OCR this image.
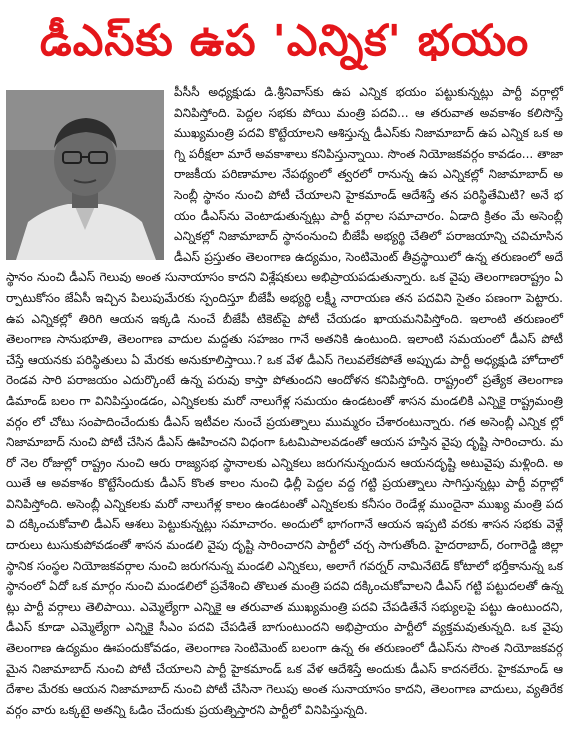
డీఎస్‌కు ఉప 'ఎన్నిక' భయం

పీసీసీ అధ్యక్షుడు డి.శ్రీనివాస్‌కు ఉప ఎన్నిక భయం పట్టుకున్నట్లు పార్టీ వర్గాల్లో వినిపిస్తోంది. పెద్దల సభకు పోయి మంత్రి పదవి... ఆ తరువాత అవకాశం కలిసొస్తే ముఖ్యమంత్రి పదవి కొట్టేయాలని ఆశిస్తున్న డీఎస్‌కు నిజామాబాద్ ఉప ఎన్నిక ఒక అగ్ని పరీక్షలా మారే అవకాశాలు కనిపిస్తున్నాయి. సొంత నియోజకవర్గం కావడం... తాజా రాజకీయ పరిణామాల నేపథ్యంలో త్వరలో రానున్న ఉప ఎన్నికల్లో నిజామాబాద్ అసెంబ్లీ స్థానం నుంచి పోటీ చేయాలని హైకమాండ్ ఆదేశిస్తే తన పరిస్థితేమిటి? అనే భయం డీఎస్‌ను వెంటాడుతున్నట్లు పార్టీ వర్గాల సమాచారం. ఏడాది క్రితం మే అసెంబ్లీ ఎన్నికల్లో నిజామాబాద్ స్థానంనుంచి బీజేపీ అభ్యర్థి చేతిలో పరాజయాన్ని చవిచూసిన డీఎస్ ప్రస్తుతం తెలంగాణ ఉద్యమం, సెంటిమెంట్ తీవ్రస్థాయిలో ఉన్న తరుణంలో అదే స్థానం నుంచి డీఎస్ గెలువు అంత సునాయాసం కాదని విశ్లేషకులు అభిప్రాయపడుతున్నారు. ఒక వైపు తెలంగాణరాష్ట్రం ఏర్పాటుకోసం జేఏసీ ఇచ్చిన పిలుపుమేరకు స్పందిస్తూ బీజేపీ అభ్యర్థి లక్ష్మీ నారాయణ తన పదవిని సైతం పణంగా పెట్టారు. ఉప ఎన్నికల్లో తిరిగి ఆయన ఇక్కడి నుంచే బీజేపీ టికెట్‌పై పోటీ చేయడం ఖాయమనిపిస్తోంది. ఇలాంటి తరుణంలో తెలంగాణ సానుభూతి, తెలంగాణ వాదుల మద్దతు సహజం గానే అతనికి ఉంటుంది. ఇలాంటి సమయంలో డీఎస్ పోటీ చేస్తే ఆయనకు పరిస్థితులు ఏ మేరకు అనుకూలిస్తాయి.? ఒక వేళ డీఎస్ గెలువలేకపోతే అప్పుడు పార్టీ అధ్యక్షుడి హోదాలో రెండవ సారి పరాజయం ఎదుర్కొంటే ఉన్న పరువు కాస్తా పోతుందని ఆందోళన కనిపిస్తోంది. రాష్ట్రంలో ప్రత్యేక తెలంగాణ డిమాండ్ బలం గా వినిపిస్తుండడం, ఎన్నికలకు మరో నాలుగేళ్ల సమయం ఉండటంతో శాసన మండలికి ఎన్నికై రాష్ట్రమంత్రి వర్గం లో చోటు సంపాదించేందుకు డీఎస్ ఇటీవల నుంచే ప్రయత్నాలు ముమ్మరం చేశారంటున్నారు. గత అసెంబ్లీ ఎన్నిక ల్లో నిజామాబాద్ నుంచి పోటీ చేసిన డీఎస్ ఊహించని విధంగా ఓటమిపాలవడంతో ఆయన హస్తిన వైపు దృష్టి సారించారు. మరో నెల రోజుల్లో రాష్ట్రం నుంచి ఆరు రాజ్యసభ స్థానాలకు ఎన్నికలు జరుగనున్నందున ఆయనదృష్టి అటువైపు మళ్లింది. అయితే ఆ అవకాశం కొట్టేసేందుకు డీఎస్ కొంత కాలం నుంచి ఢిల్లీ పెద్దల వద్ద గట్టి ప్రయత్నాలు సాగిస్తున్నట్లు పార్టీ వర్గాల్లో వినిపిస్తోంది. అసెంబ్లీ ఎన్నికలకు మరో నాలుగేళ్ల కాలం ఉండటంతో ఎన్నికలకు కనీసం రెండేళ్ల ముందైనా ముఖ్య మంత్రి పదవి దక్కించుకోవాలి డీఎస్ ఆశలు పెట్టుకున్నట్లు సమాచారం. అందులో భాగంగానే ఆయన ఇప్పటి వరకు శాసన సభకు వెళ్లే దారులు టుసుకుపోవడంతో శాసన మండలి వైపు దృష్టి సారించారని పార్టీలో చర్చ సాగుతోంది. హైదరాబాద్, రంగారెడ్డి జిల్లా స్థానిక సంస్థల నియోజకవర్గాల నుంచి జరుగనున్న మండలి ఎన్నికలు, అలాగే గవర్నర్ నామినేటెడ్ కోటాలో భర్తీకానున్న ఒక స్థానంలో ఏదో ఒక మార్గం నుంచి మండలిలో ప్రవేశించి తొలుత మంత్రి పదవి దక్కించుకోవాలని డీఎస్ గట్టి పట్టుదలతో ఉన్నట్లు పార్టీ వర్గాలు తెలిపాయి. ఎమ్మెల్యేగా ఎన్నికై ఆ తరువాత ముఖ్యమంత్రి పదవి చేపడితేనే సభ్యులపై పట్టు ఉంటుందని, డీఎస్ కూడా ఎమ్మెల్యేగా ఎన్నికై సీఎం పదవి చేపడితే బాగుంటుందని అభిప్రాయం పార్టీలో వ్యక్తమవుతున్నది. ఒక వైపు తెలంగాణ ఉద్యమం ఊపందుకోవడం, తెలంగాణ సెంటిమెంట్ బలంగా ఉన్న ఈ తరుణంలో డీఎస్‌ను సొంత నియోజకవర్గమైన నిజామాబాద్ నుంచి పోటీ చేయాలని పార్టీ హైకమాండ్ ఒక వేళ ఆదేశిస్తే అందుకు డీఎస్ కాదనలేరు. హైకమాండ్ ఆదేశాల మేరకు ఆయన నిజామాబాద్ నుంచి పోటీ చేసినా గెలుపు అంత సునాయాసం కాదని, తెలంగాణ వాదులు, వ్యతిరేకవర్గం వారు ఒక్కటై అతన్ని ఓడిం చేందుకు ప్రయత్నిస్తారని పార్టీలో వినిపిస్తున్నది.
